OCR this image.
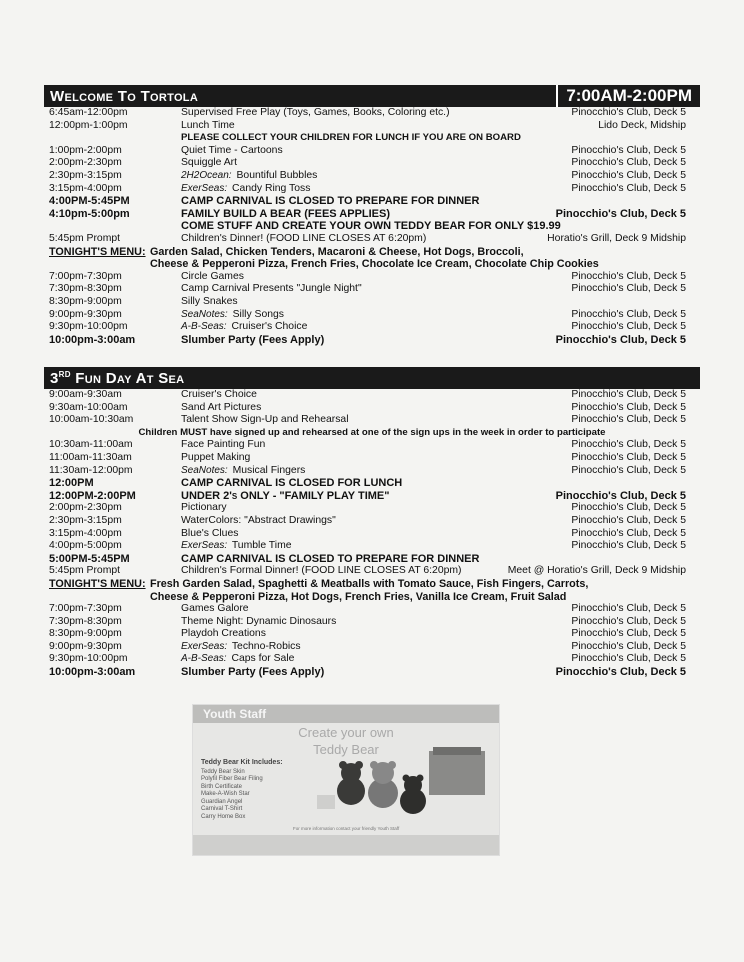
Welcome To Tortola	7:00AM-2:00PM
6:45am-12:00pm	Supervised Free Play (Toys, Games, Books, Coloring etc.)	Pinocchio's Club, Deck 5
12:00pm-1:00pm	Lunch Time	Lido Deck, Midship
PLEASE COLLECT YOUR CHILDREN FOR LUNCH IF YOU ARE ON BOARD
1:00pm-2:00pm	Quiet Time - Cartoons	Pinocchio's Club, Deck 5
2:00pm-2:30pm	Squiggle Art	Pinocchio's Club, Deck 5
2:30pm-3:15pm	2H2Ocean: Bountiful Bubbles	Pinocchio's Club, Deck 5
3:15pm-4:00pm	ExerSeas: Candy Ring Toss	Pinocchio's Club, Deck 5
4:00PM-5:45PM	CAMP CARNIVAL IS CLOSED TO PREPARE FOR DINNER
4:10pm-5:00pm	FAMILY BUILD A BEAR (FEES APPLIES)	Pinocchio's Club, Deck 5
COME STUFF AND CREATE YOUR OWN TEDDY BEAR FOR ONLY $19.99
5:45pm Prompt	Children's Dinner! (FOOD LINE CLOSES AT 6:20pm)	Horatio's Grill, Deck 9 Midship
TONIGHT'S MENU: Garden Salad, Chicken Tenders, Macaroni & Cheese, Hot Dogs, Broccoli,
Cheese & Pepperoni Pizza, French Fries, Chocolate Ice Cream, Chocolate Chip Cookies
7:00pm-7:30pm	Circle Games	Pinocchio's Club, Deck 5
7:30pm-8:30pm	Camp Carnival Presents "Jungle Night"	Pinocchio's Club, Deck 5
8:30pm-9:00pm	Silly Snakes
9:00pm-9:30pm	SeaNotes: Silly Songs	Pinocchio's Club, Deck 5
9:30pm-10:00pm	A-B-Seas: Cruiser's Choice	Pinocchio's Club, Deck 5
10:00pm-3:00am	Slumber Party (Fees Apply)	Pinocchio's Club, Deck 5
3RD Fun Day At Sea
9:00am-9:30am	Cruiser's Choice	Pinocchio's Club, Deck 5
9:30am-10:00am	Sand Art Pictures	Pinocchio's Club, Deck 5
10:00am-10:30am	Talent Show Sign-Up and Rehearsal	Pinocchio's Club, Deck 5
Children MUST have signed up and rehearsed at one of the sign ups in the week in order to participate
10:30am-11:00am	Face Painting Fun	Pinocchio's Club, Deck 5
11:00am-11:30am	Puppet Making	Pinocchio's Club, Deck 5
11:30am-12:00pm	SeaNotes: Musical Fingers	Pinocchio's Club, Deck 5
12:00PM	CAMP CARNIVAL IS CLOSED FOR LUNCH
12:00PM-2:00PM	UNDER 2's ONLY - "FAMILY PLAY TIME"	Pinocchio's Club, Deck 5
2:00pm-2:30pm	Pictionary	Pinocchio's Club, Deck 5
2:30pm-3:15pm	WaterColors: "Abstract Drawings"	Pinocchio's Club, Deck 5
3:15pm-4:00pm	Blue's Clues	Pinocchio's Club, Deck 5
4:00pm-5:00pm	ExerSeas: Tumble Time	Pinocchio's Club, Deck 5
5:00PM-5:45PM	CAMP CARNIVAL IS CLOSED TO PREPARE FOR DINNER
5:45pm Prompt	Children's Formal Dinner! (FOOD LINE CLOSES AT 6:20pm)	Meet @ Horatio's Grill, Deck 9 Midship
TONIGHT'S MENU: Fresh Garden Salad, Spaghetti & Meatballs with Tomato Sauce, Fish Fingers, Carrots,
Cheese & Pepperoni Pizza, Hot Dogs, French Fries, Vanilla Ice Cream, Fruit Salad
7:00pm-7:30pm	Games Galore	Pinocchio's Club, Deck 5
7:30pm-8:30pm	Theme Night: Dynamic Dinosaurs	Pinocchio's Club, Deck 5
8:30pm-9:00pm	Playdoh Creations	Pinocchio's Club, Deck 5
9:00pm-9:30pm	ExerSeas: Techno-Robics	Pinocchio's Club, Deck 5
9:30pm-10:00pm	A-B-Seas: Caps for Sale	Pinocchio's Club, Deck 5
10:00pm-3:00am	Slumber Party (Fees Apply)	Pinocchio's Club, Deck 5
Youth Staff
Create your own
Teddy Bear
Teddy Bear Kit Includes:
Teddy Bear Skin
Polyfil Fiber Bear Filing
Birth Certificate
Make-A-Wish Star
Guardian Angel
Carnival T-Shirt
Carry Home Box
For more information contact your friendly Youth Staff
